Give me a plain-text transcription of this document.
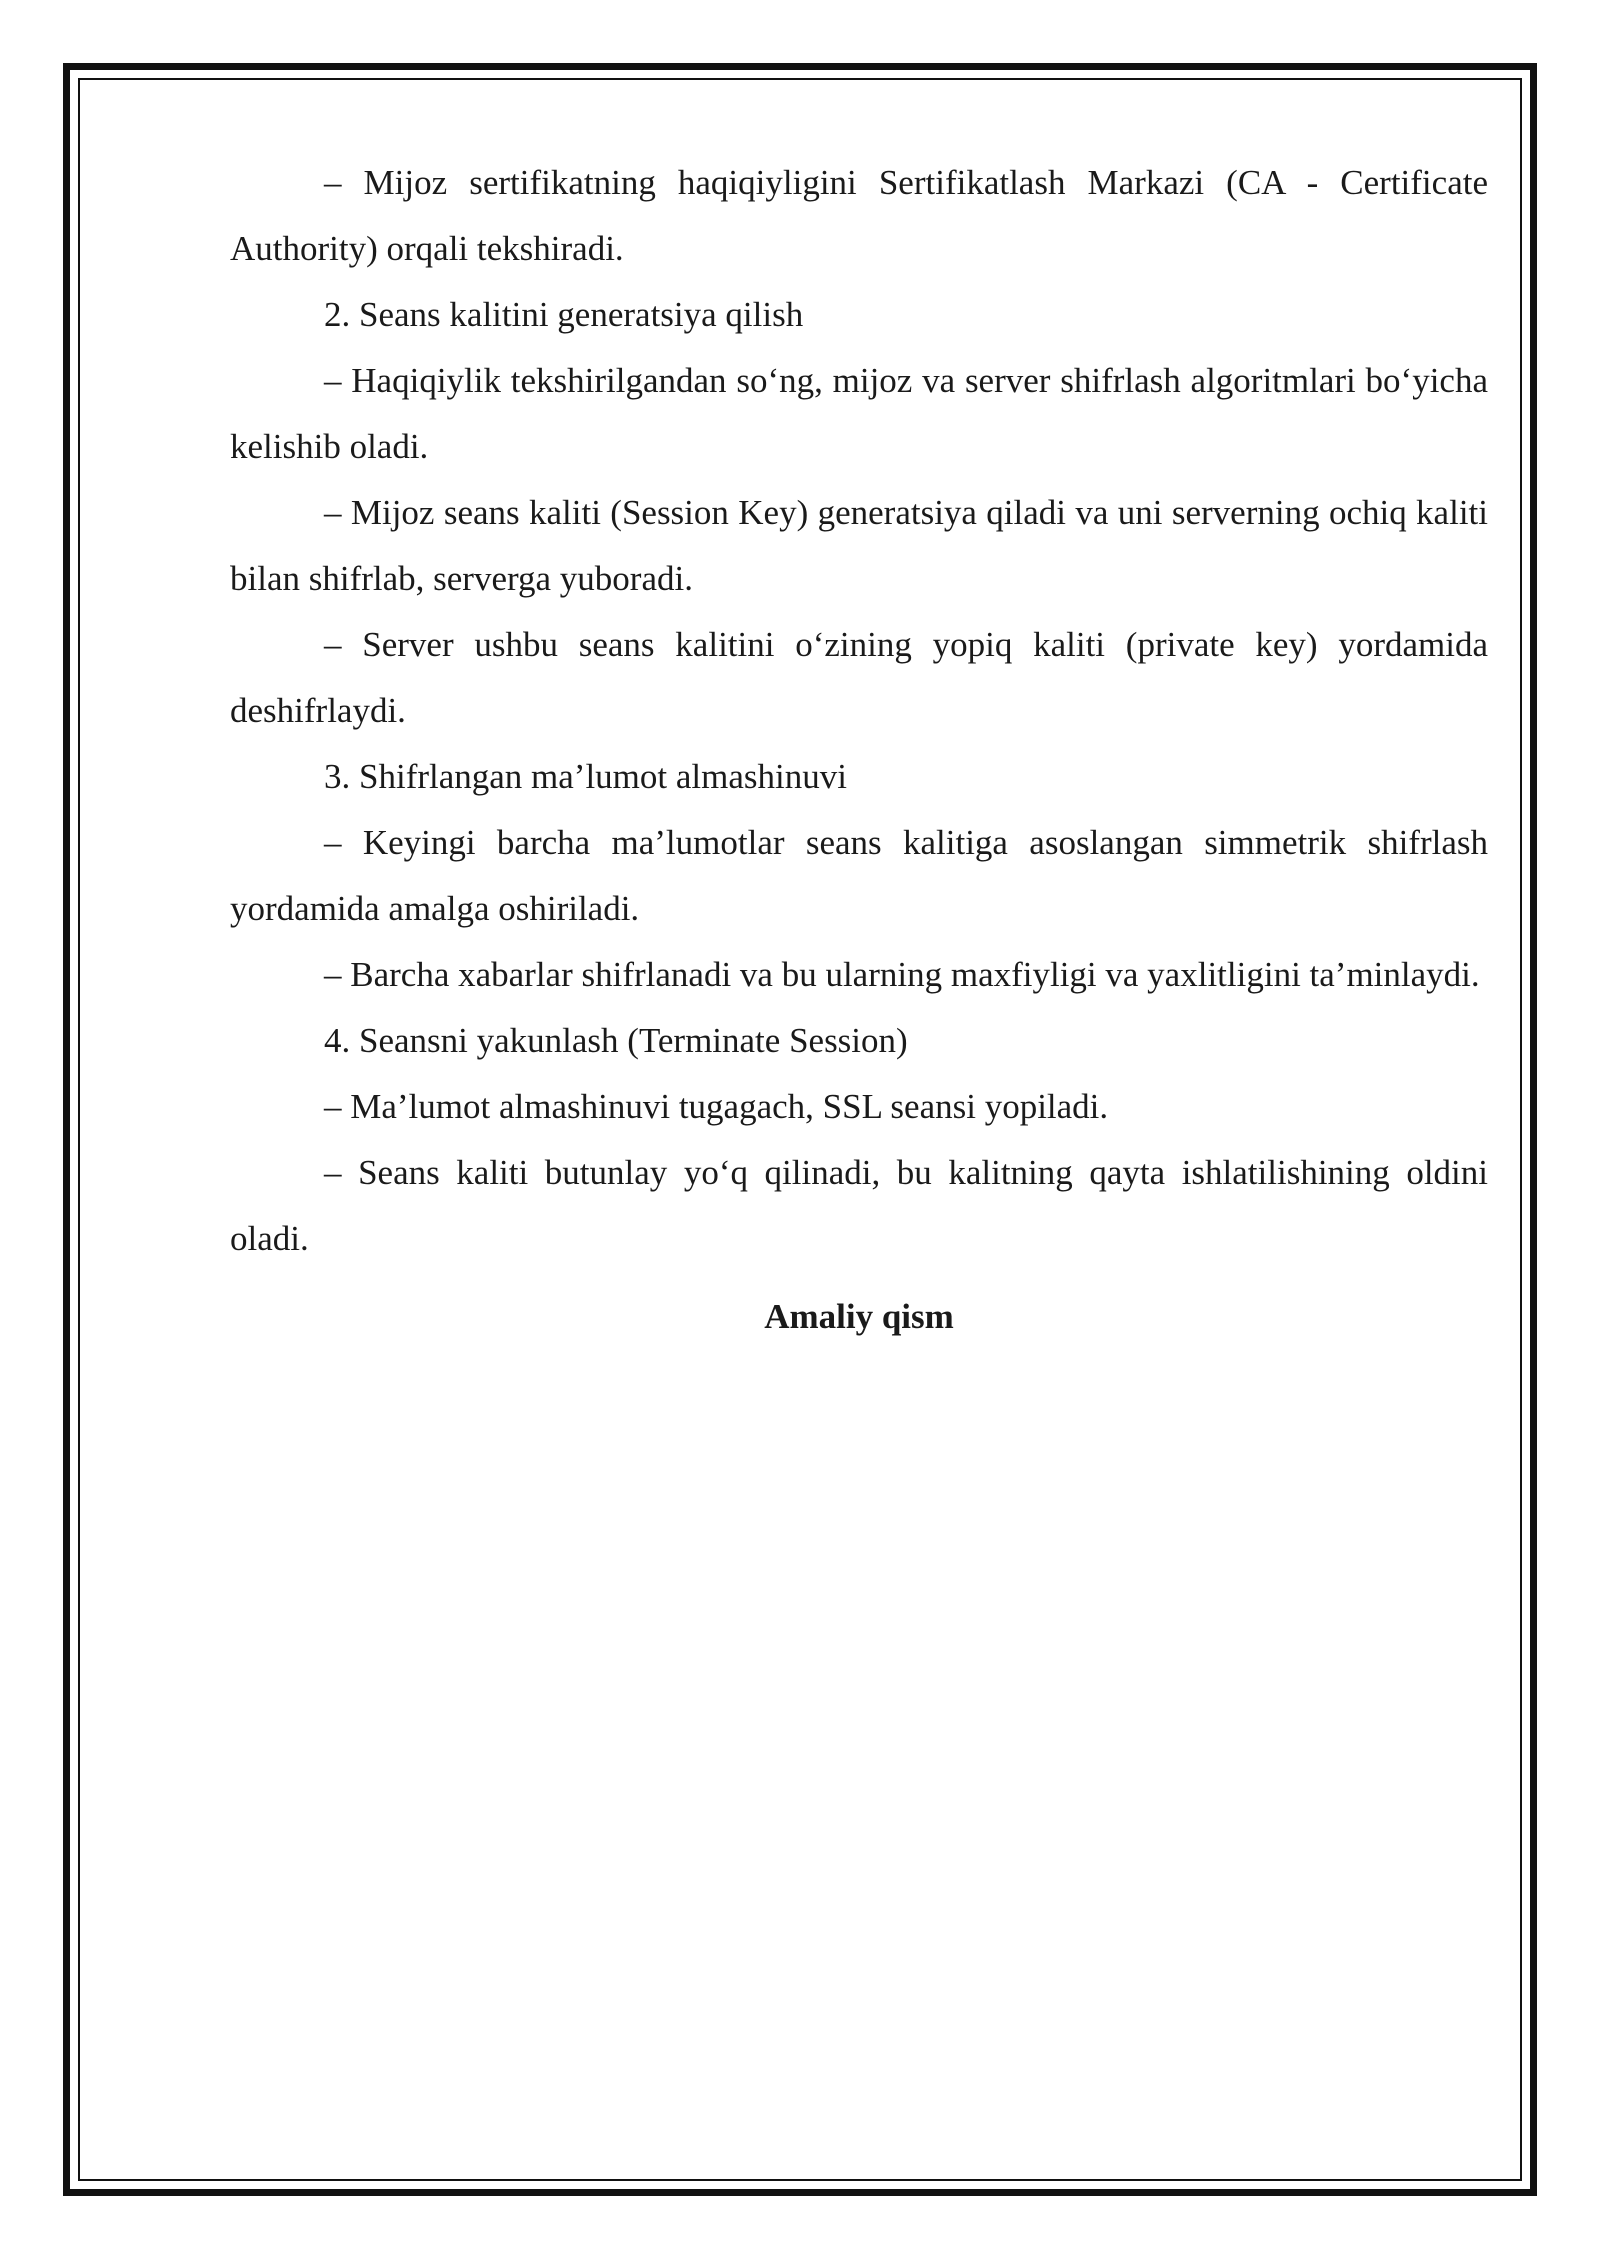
– Mijoz sertifikatning haqiqiyligini Sertifikatlash Markazi (CA - Certificate Authority) orqali tekshiradi.

2. Seans kalitini generatsiya qilish

– Haqiqiylik tekshirilgandan so‘ng, mijoz va server shifrlash algoritmlari bo‘yicha kelishib oladi.

– Mijoz seans kaliti (Session Key) generatsiya qiladi va uni serverning ochiq kaliti bilan shifrlab, serverga yuboradi.

– Server ushbu seans kalitini o‘zining yopiq kaliti (private key) yordamida deshifrlaydi.

3. Shifrlangan ma’lumot almashinuvi

– Keyingi barcha ma’lumotlar seans kalitiga asoslangan simmetrik shifrlash yordamida amalga oshiriladi.

– Barcha xabarlar shifrlanadi va bu ularning maxfiyligi va yaxlitligini ta’minlaydi.

4. Seansni yakunlash (Terminate Session)

– Ma’lumot almashinuvi tugagach, SSL seansi yopiladi.

– Seans kaliti butunlay yo‘q qilinadi, bu kalitning qayta ishlatilishining oldini oladi.

Amaliy qism
